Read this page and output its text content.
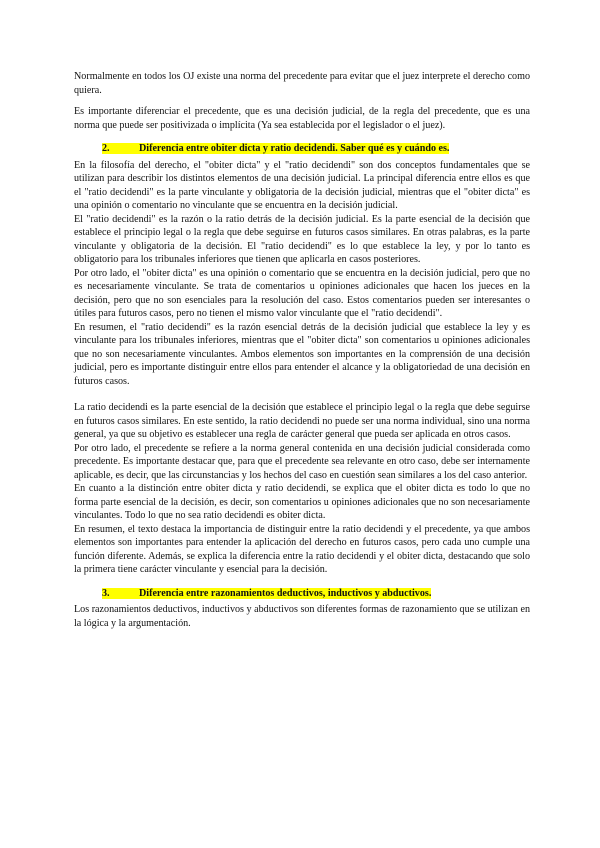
Normalmente en todos los OJ existe una norma del precedente para evitar que el juez interprete el derecho como quiera.

Es importante diferenciar el precedente, que es una decisión judicial, de la regla del precedente, que es una norma que puede ser positivizada o implícita (Ya sea establecida por el legislador o el juez).

2.	Diferencia entre obiter dicta y ratio decidendi. Saber qué es y cuándo es.

En la filosofía del derecho, el "obiter dicta" y el "ratio decidendi" son dos conceptos fundamentales que se utilizan para describir los distintos elementos de una decisión judicial. La principal diferencia entre ellos es que el "ratio decidendi" es la parte vinculante y obligatoria de la decisión judicial, mientras que el "obiter dicta" es una opinión o comentario no vinculante que se encuentra en la decisión judicial.

El "ratio decidendi" es la razón o la ratio detrás de la decisión judicial. Es la parte esencial de la decisión que establece el principio legal o la regla que debe seguirse en futuros casos similares. En otras palabras, es la parte vinculante y obligatoria de la decisión. El "ratio decidendi" es lo que establece la ley, y por lo tanto es obligatorio para los tribunales inferiores que tienen que aplicarla en casos posteriores.

Por otro lado, el "obiter dicta" es una opinión o comentario que se encuentra en la decisión judicial, pero que no es necesariamente vinculante. Se trata de comentarios u opiniones adicionales que hacen los jueces en la decisión, pero que no son esenciales para la resolución del caso. Estos comentarios pueden ser interesantes o útiles para futuros casos, pero no tienen el mismo valor vinculante que el "ratio decidendi".

En resumen, el "ratio decidendi" es la razón esencial detrás de la decisión judicial que establece la ley y es vinculante para los tribunales inferiores, mientras que el "obiter dicta" son comentarios u opiniones adicionales que no son necesariamente vinculantes. Ambos elementos son importantes en la comprensión de una decisión judicial, pero es importante distinguir entre ellos para entender el alcance y la obligatoriedad de una decisión en futuros casos.

La ratio decidendi es la parte esencial de la decisión que establece el principio legal o la regla que debe seguirse en futuros casos similares. En este sentido, la ratio decidendi no puede ser una norma individual, sino una norma general, ya que su objetivo es establecer una regla de carácter general que pueda ser aplicada en otros casos.

Por otro lado, el precedente se refiere a la norma general contenida en una decisión judicial considerada como precedente. Es importante destacar que, para que el precedente sea relevante en otro caso, debe ser internamente aplicable, es decir, que las circunstancias y los hechos del caso en cuestión sean similares a los del caso anterior.

En cuanto a la distinción entre obiter dicta y ratio decidendi, se explica que el obiter dicta es todo lo que no forma parte esencial de la decisión, es decir, son comentarios u opiniones adicionales que no son necesariamente vinculantes. Todo lo que no sea ratio decidendi es obiter dicta.

En resumen, el texto destaca la importancia de distinguir entre la ratio decidendi y el precedente, ya que ambos elementos son importantes para entender la aplicación del derecho en futuros casos, pero cada uno cumple una función diferente. Además, se explica la diferencia entre la ratio decidendi y el obiter dicta, destacando que solo la primera tiene carácter vinculante y esencial para la decisión.

3.	Diferencia entre razonamientos deductivos, inductivos y abductivos.

Los razonamientos deductivos, inductivos y abductivos son diferentes formas de razonamiento que se utilizan en la lógica y la argumentación.
